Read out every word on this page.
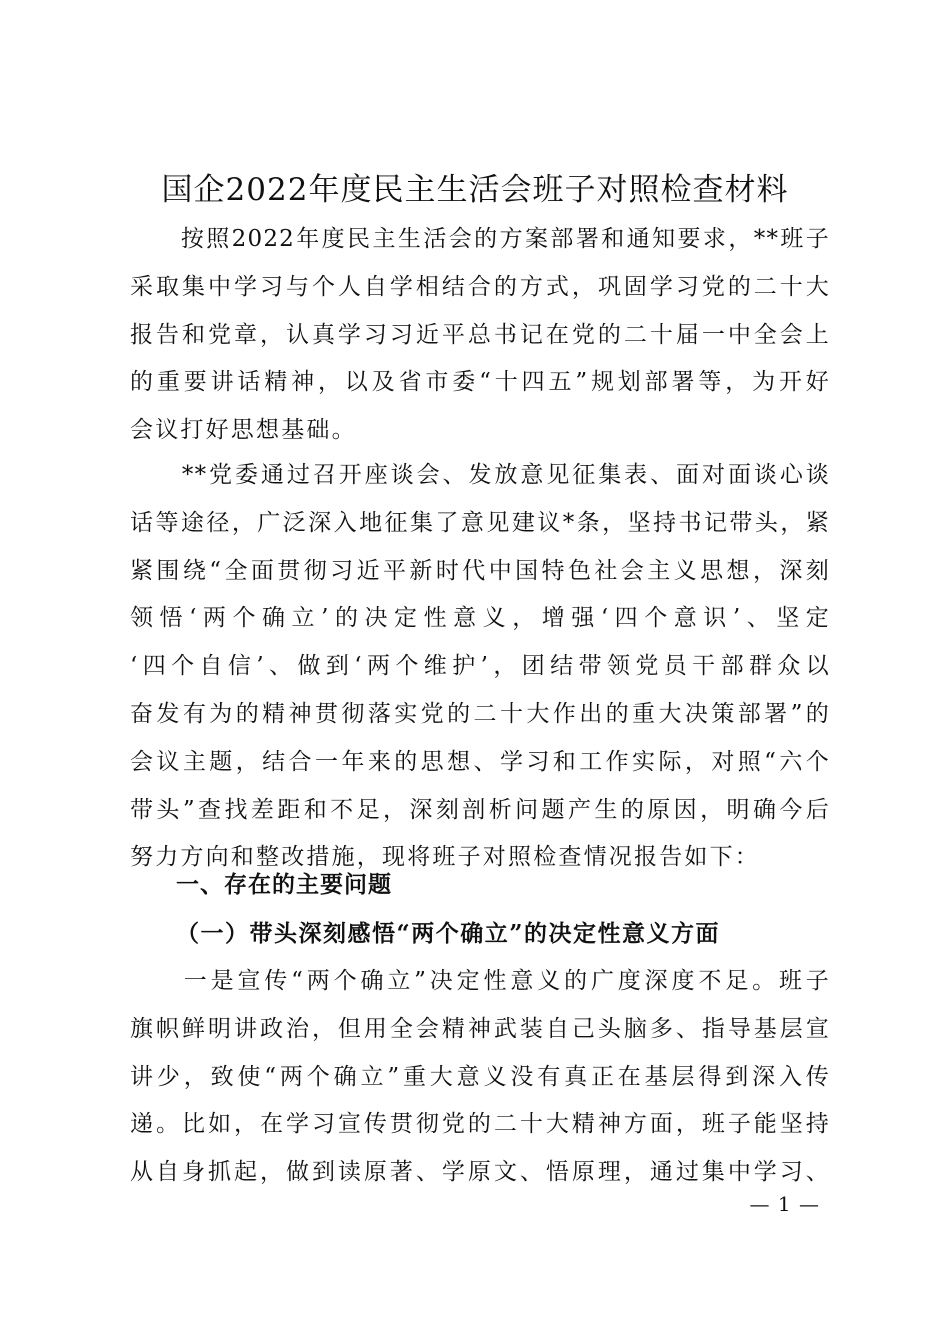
国企2022年度民主生活会班子对照检查材料
　　按照2022年度民主生活会的方案部署和通知要求，**班子
采取集中学习与个人自学相结合的方式，巩固学习党的二十大
报告和党章，认真学习习近平总书记在党的二十届一中全会上
的重要讲话精神，以及省市委“十四五”规划部署等，为开好
会议打好思想基础。
　　**党委通过召开座谈会、发放意见征集表、面对面谈心谈
话等途径，广泛深入地征集了意见建议*条，坚持书记带头，紧
紧围绕“全面贯彻习近平新时代中国特色社会主义思想，深刻
领悟‘两个确立’的决定性意义，增强‘四个意识’、坚定
‘四个自信’、做到‘两个维护’，团结带领党员干部群众以
奋发有为的精神贯彻落实党的二十大作出的重大决策部署”的
会议主题，结合一年来的思想、学习和工作实际，对照“六个
带头”查找差距和不足，深刻剖析问题产生的原因，明确今后
努力方向和整改措施，现将班子对照检查情况报告如下：
一、存在的主要问题
（一）带头深刻感悟“两个确立”的决定性意义方面
　　一是宣传“两个确立”决定性意义的广度深度不足。班子
旗帜鲜明讲政治，但用全会精神武装自己头脑多、指导基层宣
讲少，致使“两个确立”重大意义没有真正在基层得到深入传
递。比如，在学习宣传贯彻党的二十大精神方面，班子能坚持
从自身抓起，做到读原著、学原文、悟原理，通过集中学习、
— 1 —
